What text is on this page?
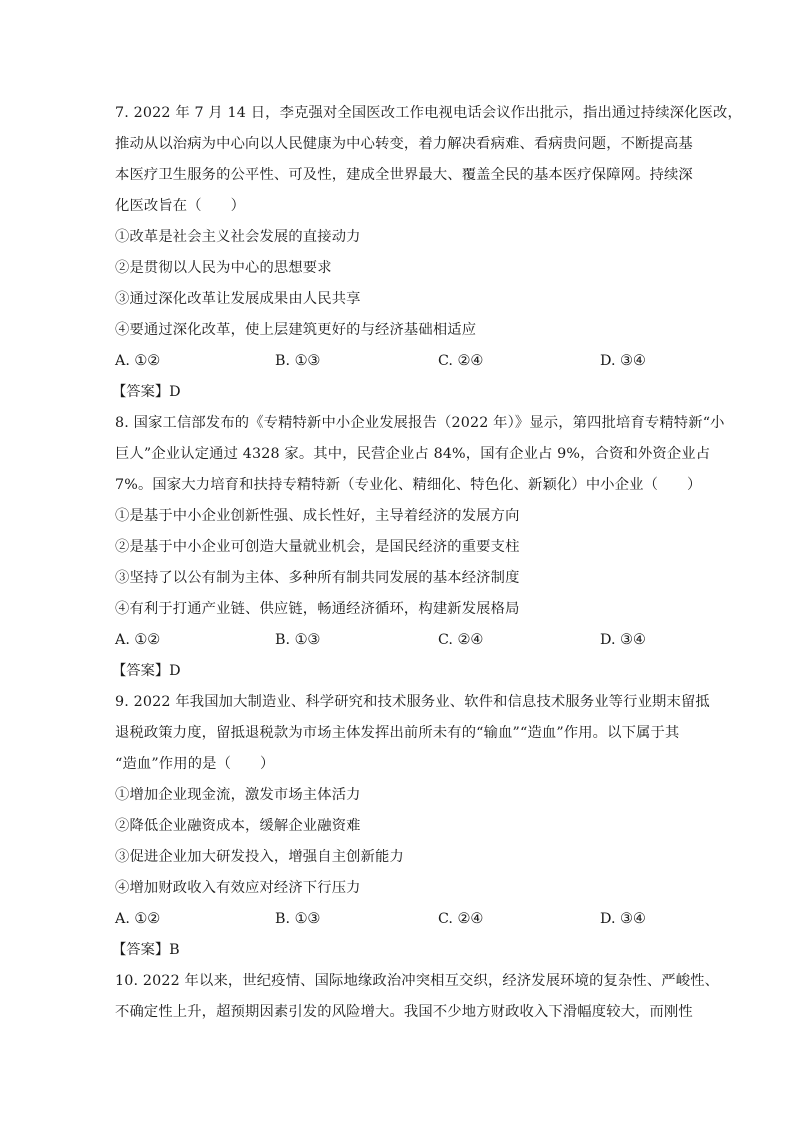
7. 2022 年 7 月 14 日，李克强对全国医改工作电视电话会议作出批示，指出通过持续深化医改，
推动从以治病为中心向以人民健康为中心转变，着力解决看病难、看病贵问题，不断提高基
本医疗卫生服务的公平性、可及性，建成全世界最大、覆盖全民的基本医疗保障网。持续深
化医改旨在（　　）
①改革是社会主义社会发展的直接动力
②是贯彻以人民为中心的思想要求
③通过深化改革让发展成果由人民共享
④要通过深化改革，使上层建筑更好的与经济基础相适应
A. ①②	B. ①③	C. ②④	D. ③④
【答案】D
8. 国家工信部发布的《专精特新中小企业发展报告（2022 年）》显示，第四批培育专精特新“小
巨人”企业认定通过 4328 家。其中，民营企业占 84%，国有企业占 9%，合资和外资企业占
7%。国家大力培育和扶持专精特新（专业化、精细化、特色化、新颖化）中小企业（　　）
①是基于中小企业创新性强、成长性好，主导着经济的发展方向
②是基于中小企业可创造大量就业机会，是国民经济的重要支柱
③坚持了以公有制为主体、多种所有制共同发展的基本经济制度
④有利于打通产业链、供应链，畅通经济循环，构建新发展格局
A. ①②	B. ①③	C. ②④	D. ③④
【答案】D
9. 2022 年我国加大制造业、科学研究和技术服务业、软件和信息技术服务业等行业期末留抵
退税政策力度，留抵退税款为市场主体发挥出前所未有的“输血”“造血”作用。以下属于其
“造血”作用的是（　　）
①增加企业现金流，激发市场主体活力
②降低企业融资成本，缓解企业融资难
③促进企业加大研发投入，增强自主创新能力
④增加财政收入有效应对经济下行压力
A. ①②	B. ①③	C. ②④	D. ③④
【答案】B
10. 2022 年以来，世纪疫情、国际地缘政治冲突相互交织，经济发展环境的复杂性、严峻性、
不确定性上升，超预期因素引发的风险增大。我国不少地方财政收入下滑幅度较大，而刚性
